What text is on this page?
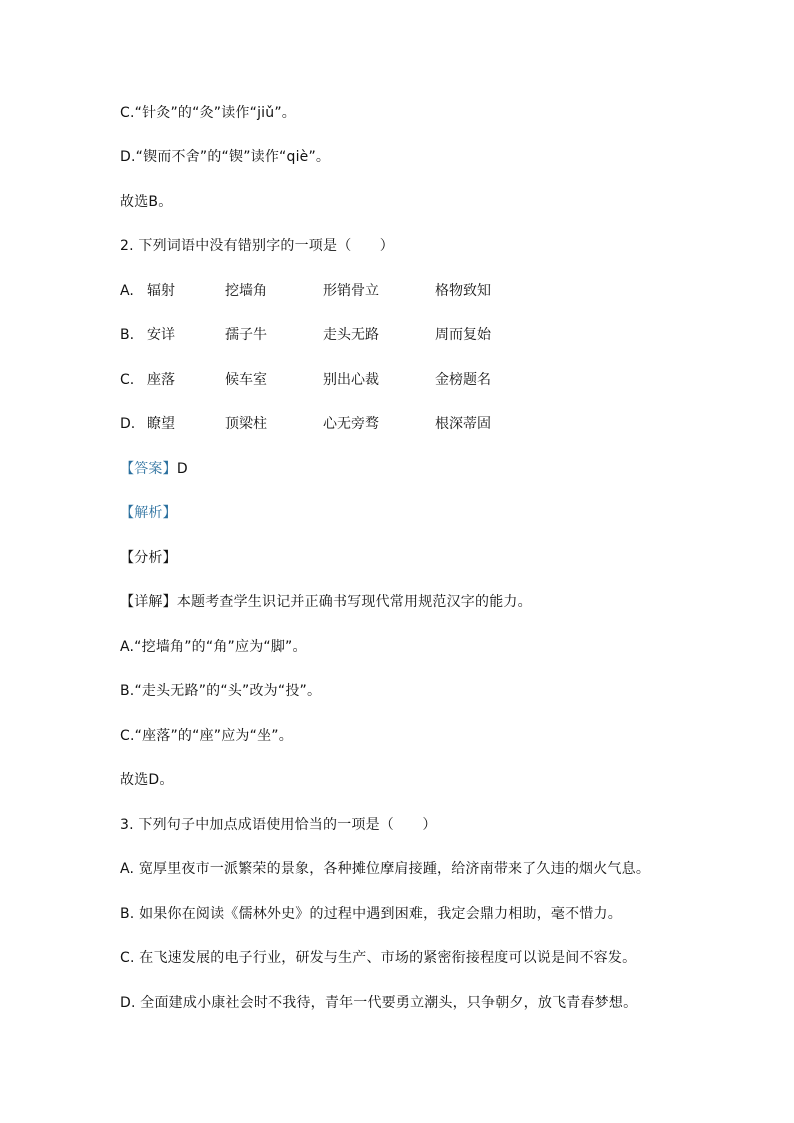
C.“针灸”的“灸”读作“jiǔ”。
D.“锲而不舍”的“锲”读作“qiè”。
故选B。
2. 下列词语中没有错别字的一项是（　　）
A. 辐射	挖墙角	形销骨立	格物致知
B. 安详	孺子牛	走头无路	周而复始
C. 座落	候车室	别出心裁	金榜题名
D. 瞭望	顶梁柱	心无旁骛	根深蒂固
【答案】D
【解析】
【分析】
【详解】本题考查学生识记并正确书写现代常用规范汉字的能力。
A.“挖墙角”的“角”应为“脚”。
B.“走头无路”的“头”改为“投”。
C.“座落”的“座”应为“坐”。
故选D。
3. 下列句子中加点成语使用恰当的一项是（　　）
A. 宽厚里夜市一派繁荣的景象，各种摊位摩肩接踵，给济南带来了久违的烟火气息。
B. 如果你在阅读《儒林外史》的过程中遇到困难，我定会鼎力相助，毫不惜力。
C. 在飞速发展的电子行业，研发与生产、市场的紧密衔接程度可以说是间不容发。
D. 全面建成小康社会时不我待，青年一代要勇立潮头，只争朝夕，放飞青春梦想。
